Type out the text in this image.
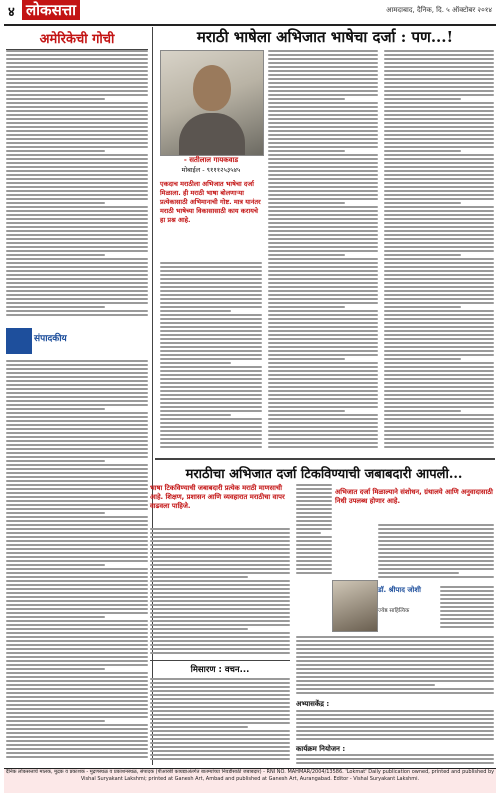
४ लोकसत्ता	आमदाबाद, दैनिक, दि. ५ ऑक्टोबर २०१४
अमेरिकेची गोची
संपादकीय
मराठी भाषेला अभिजात भाषेचा दर्जा : पण...!
- सतीलाल गायकवाड
मोबाईल - ९१११२५३५४५
एकदाच मराठीला अभिजात भाषेचा दर्जा मिळाला. ही मराठी भाषा बोलणाऱ्या प्रत्येकासाठी अभिमानाची गोष्ट. मात्र यानंतर मराठी भाषेच्या विकासासाठी काय करायचे हा प्रश्न आहे.
मराठीचा अभिजात दर्जा टिकविण्याची जबाबदारी आपली...
भाषा टिकविण्याची जबाबदारी प्रत्येक मराठी माणसाची आहे. शिक्षण, प्रशासन आणि व्यवहारात मराठीचा वापर वाढवला पाहिजे.
अभिजात दर्जा मिळाल्याने संशोधन, ग्रंथालये आणि अनुवादासाठी निधी उपलब्ध होणार आहे.
डॉ. श्रीपाद जोशी
ज्येष्ठ साहित्यिक
मिसारण : वचन...
अभ्यासकेंद्र :
कार्यक्रम नियोजन :
दैनिक लोकसत्ताचे मालक, मुद्रक व प्रकाशक - मुद्रणस्थळ व प्रकाशनस्थळ, संपादक (पीआरबी कायद्याअंतर्गत बातम्यांच्या निवडीसाठी जबाबदार) - RNI NO. MAHMAR/2004/13586. 'Lokmat' Daily publication owned, printed and published by Vishal Suryakant Lakshmi; printed at Ganesh Art, Ambad and published at Ganesh Art, Aurangabad. Editor - Vishal Suryakant Lakshmi.
